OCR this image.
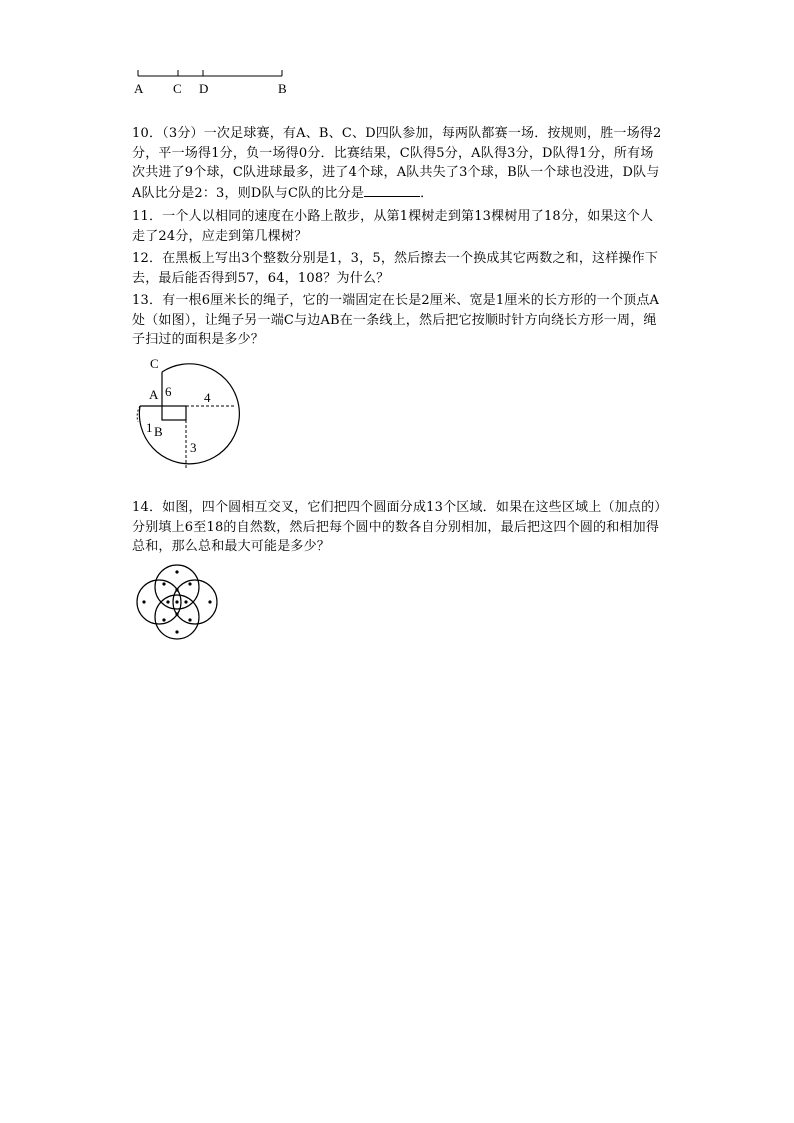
A C D	B
10．（3分）一次足球赛，有A、B、C、D四队参加，每两队都赛一场．按规则，胜一场得2分，平一场得1分，负一场得0分．比赛结果，C队得5分，A队得3分，D队得1分，所有场次共进了9个球，C队进球最多，进了4个球，A队共失了3个球，B队一个球也没进，D队与A队比分是2：3，则D队与C队的比分是	．
11．一个人以相同的速度在小路上散步，从第1棵树走到第13棵树用了18分，如果这个人走了24分，应走到第几棵树？
12．在黑板上写出3个整数分别是1，3，5，然后擦去一个换成其它两数之和，这样操作下去，最后能否得到57，64，108？为什么？
13．有一根6厘米长的绳子，它的一端固定在长是2厘米、宽是1厘米的长方形的一个顶点A处（如图），让绳子另一端C与边AB在一条线上，然后把它按顺时针方向绕长方形一周，绳子扫过的面积是多少？
C
A 6	4
1 B
3
14．如图，四个圆相互交叉，它们把四个圆面分成13个区域．如果在这些区域上（加点的）分别填上6至18的自然数，然后把每个圆中的数各自分别相加，最后把这四个圆的和相加得总和，那么总和最大可能是多少？
